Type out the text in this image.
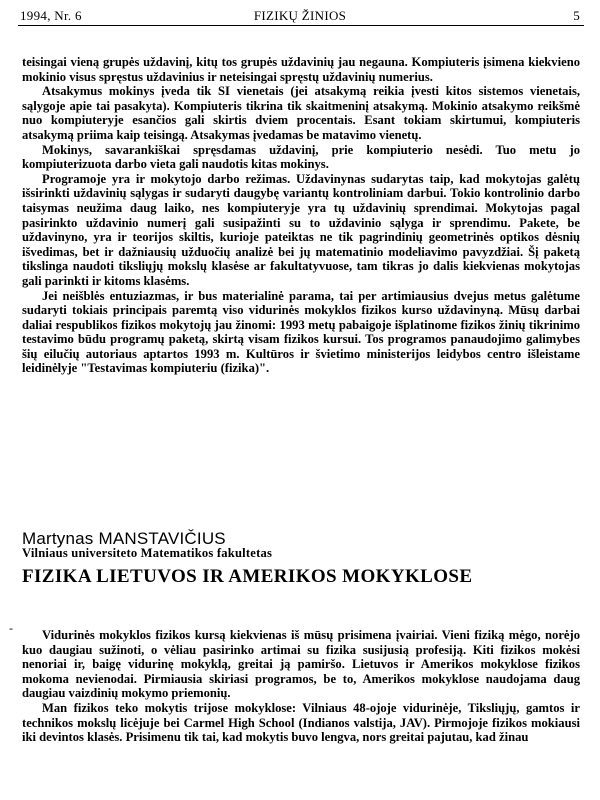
1994, Nr. 6	FIZIKŲ ŽINIOS	5

teisingai vieną grupės uždavinį, kitų tos grupės uždavinių jau negauna. Kompiuteris įsimena kiekvieno mokinio visus spręstus uždavinius ir neteisingai spręstų uždavinių numerius.

Atsakymus mokinys įveda tik SI vienetais (jei atsakymą reikia įvesti kitos sistemos vienetais, sąlygoje apie tai pasakyta). Kompiuteris tikrina tik skaitmeninį atsakymą. Mokinio atsakymo reikšmė nuo kompiuteryje esančios gali skirtis dviem procentais. Esant tokiam skirtumui, kompiuteris atsakymą priima kaip teisingą. Atsakymas įvedamas be matavimo vienetų.

Mokinys, savarankiškai spręsdamas uždavinį, prie kompiuterio nesėdi. Tuo metu jo kompiuterizuota darbo vieta gali naudotis kitas mokinys.

Programoje yra ir mokytojo darbo režimas. Uždavinynas sudarytas taip, kad mokytojas galėtų išsirinkti uždavinių sąlygas ir sudaryti daugybę variantų kontroliniam darbui. Tokio kontrolinio darbo taisymas neužima daug laiko, nes kompiuteryje yra tų uždavinių sprendimai. Mokytojas pagal pasirinkto uždavinio numerį gali susipažinti su to uždavinio sąlyga ir sprendimu. Pakete, be uždavinyno, yra ir teorijos skiltis, kurioje pateiktas ne tik pagrindinių geometrinės optikos dėsnių išvedimas, bet ir dažniausių užduočių analizė bei jų matematinio modeliavimo pavyzdžiai. Šį paketą tikslinga naudoti tiksliųjų mokslų klasėse ar fakultatyvuose, tam tikras jo dalis kiekvienas mokytojas gali parinkti ir kitoms klasėms.

Jei neišblės entuziazmas, ir bus materialinė parama, tai per artimiausius dvejus metus galėtume sudaryti tokiais principais paremtą viso vidurinės mokyklos fizikos kurso uždavinyną. Mūsų darbai daliai respublikos fizikos mokytojų jau žinomi: 1993 metų pabaigoje išplatinome fizikos žinių tikrinimo testavimo būdu programų paketą, skirtą visam fizikos kursui. Tos programos panaudojimo galimybes šių eilučių autoriaus aptartos 1993 m. Kultūros ir švietimo ministerijos leidybos centro išleistame leidinėlyje "Testavimas kompiuteriu (fizika)".

Martynas MANSTAVIČIUS
Vilniaus universiteto Matematikos fakultetas
FIZIKA LIETUVOS IR AMERIKOS MOKYKLOSE
-	Vidurinės mokyklos fizikos kursą kiekvienas iš mūsų prisimena įvairiai. Vieni fiziką mėgo, norėjo kuo daugiau sužinoti, o vėliau pasirinko artimai su fizika susijusią profesiją. Kiti fizikos mokėsi nenoriai ir, baigę vidurinę mokyklą, greitai ją pamiršo. Lietuvos ir Amerikos mokyklose fizikos mokoma nevienodai. Pirmiausia skiriasi programos, be to, Amerikos mokyklose naudojama daug daugiau vaizdinių mokymo priemonių.

Man fizikos teko mokytis trijose mokyklose: Vilniaus 48-ojoje vidurinėje, Tiksliųjų, gamtos ir technikos mokslų licėjuje bei Carmel High School (Indianos valstija, JAV). Pirmojoje fizikos mokiausi iki devintos klasės. Prisimenu tik tai, kad mokytis buvo lengva, nors greitai pajutau, kad žinau
